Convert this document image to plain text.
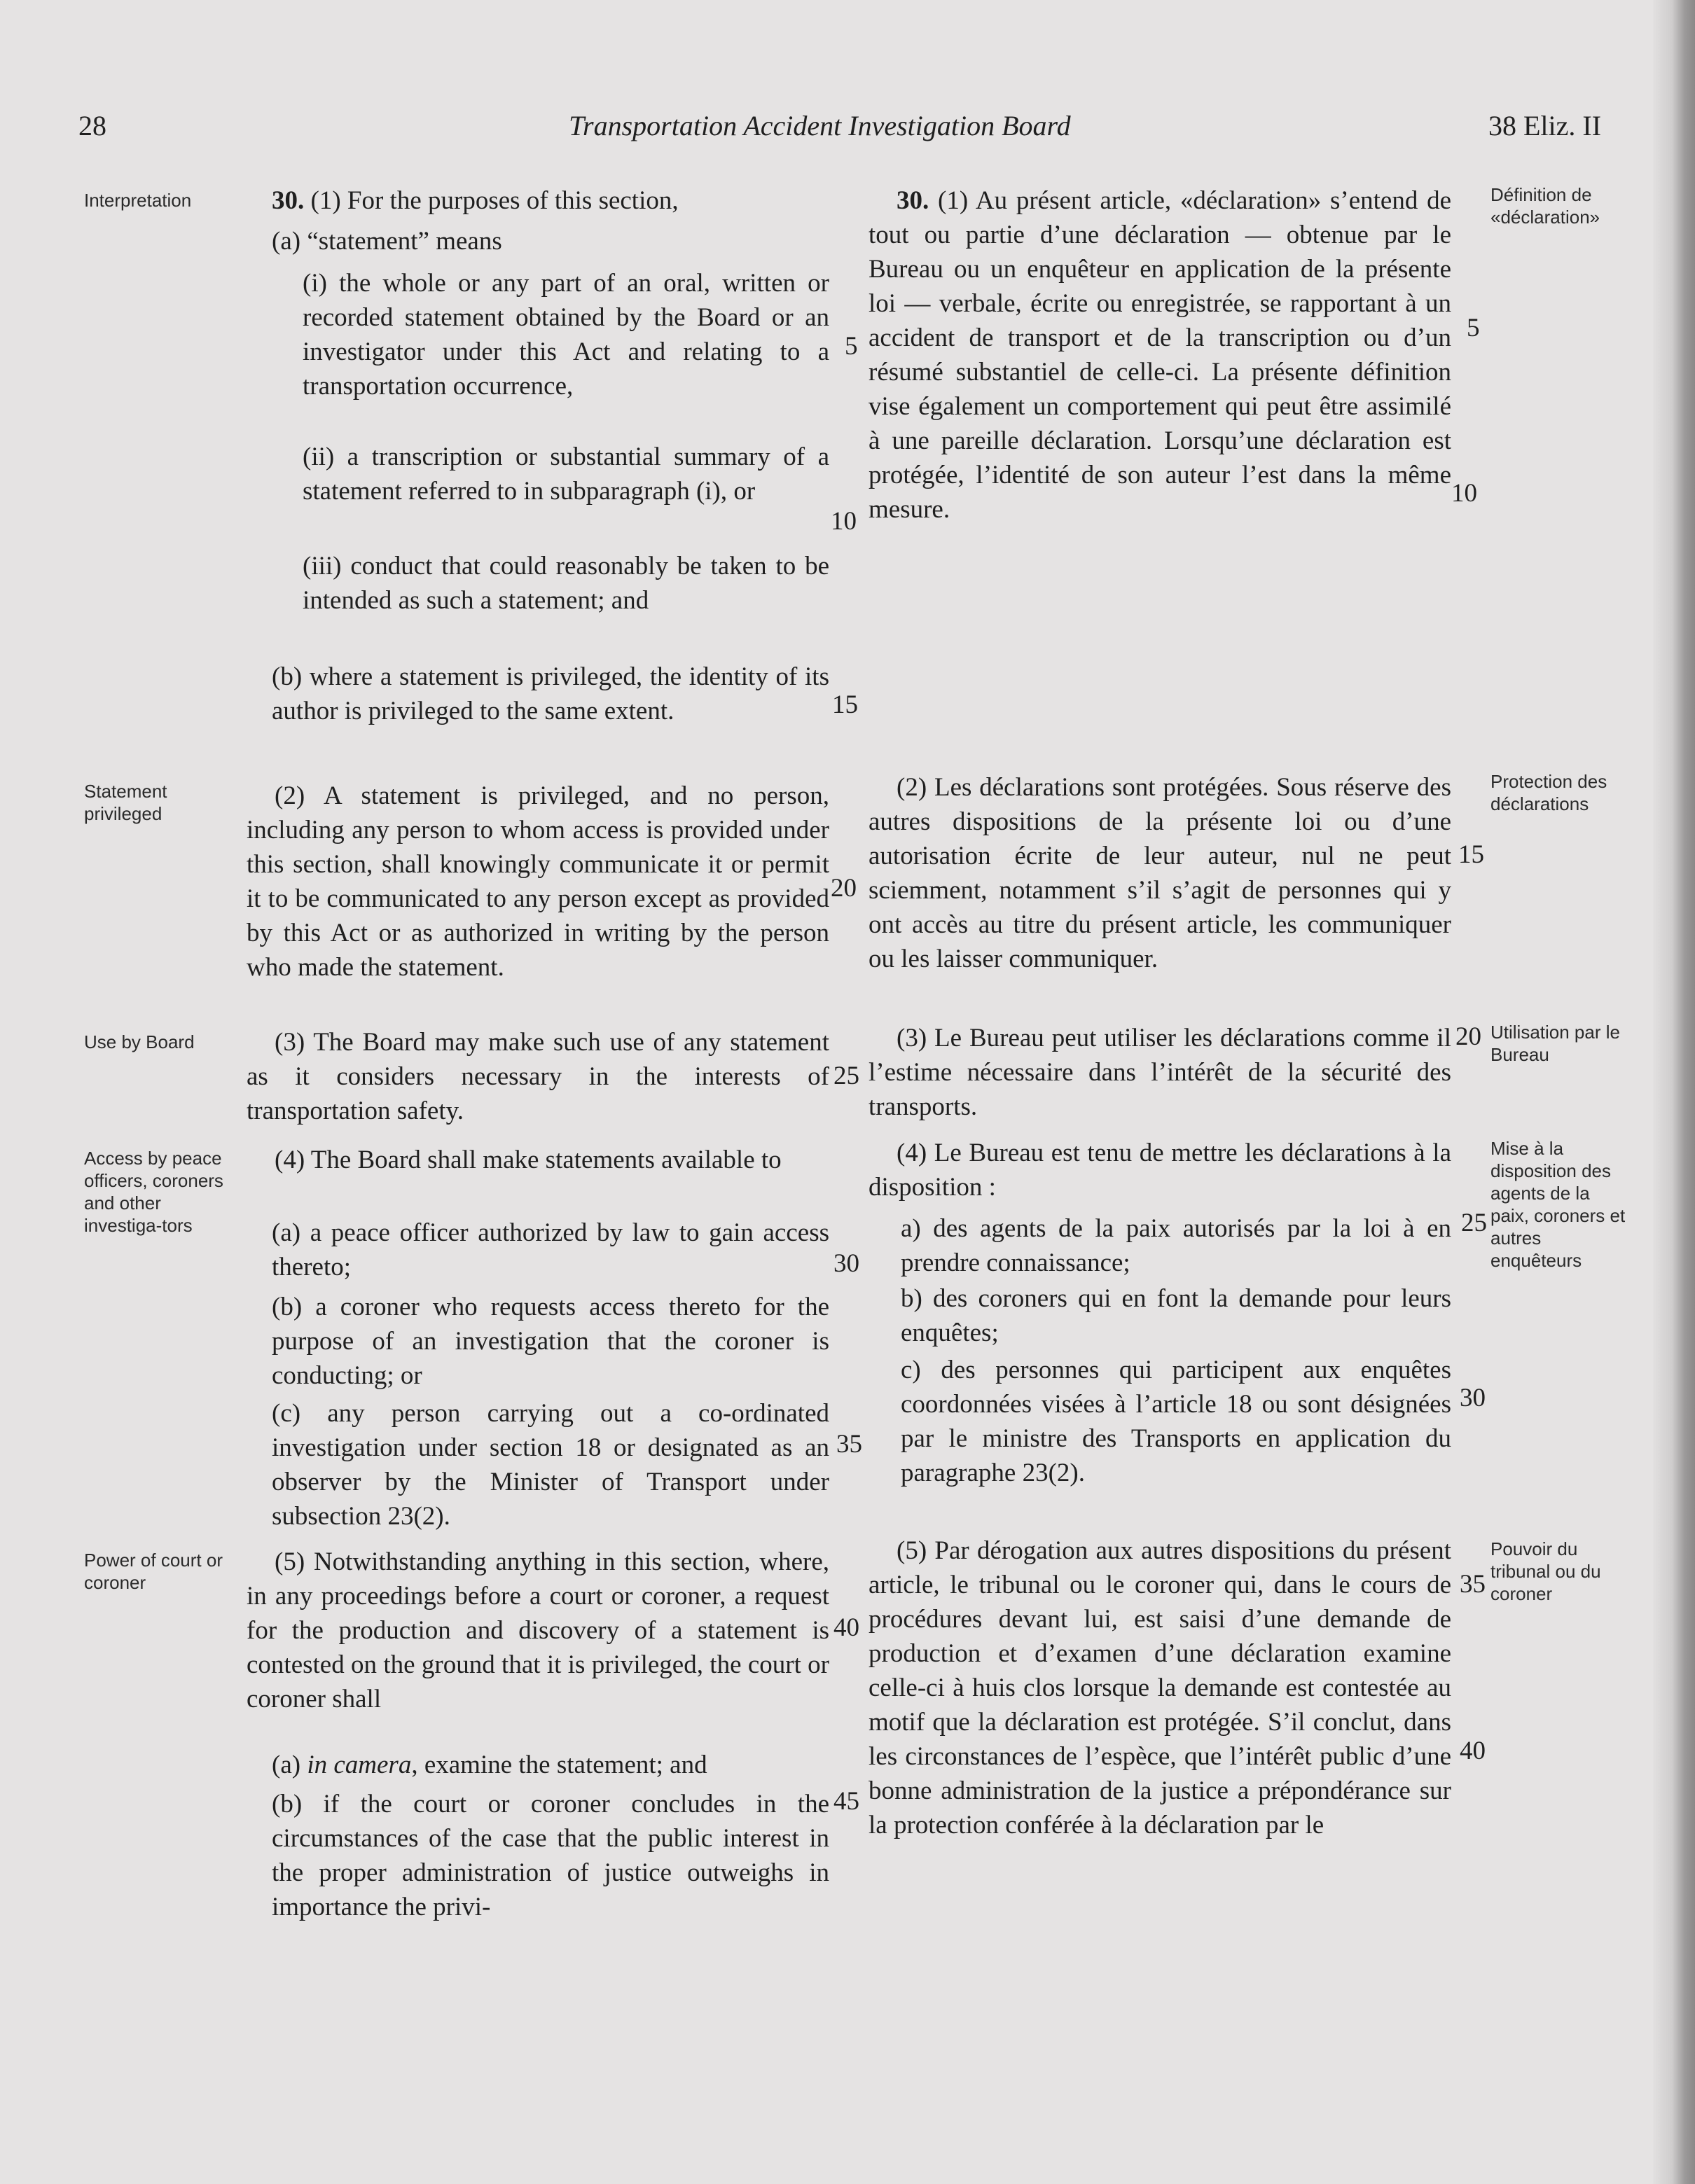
28	Transportation Accident Investigation Board	38 Eliz. II
Interpretation
Statement privileged
Use by Board
Access by peace officers, coroners and other investiga-tors
Power of court or coroner
Définition de «déclaration»
Protection des déclarations
Utilisation par le Bureau
Mise à la disposition des agents de la paix, coroners et autres enquêteurs
Pouvoir du tribunal ou du coroner

30. (1) For the purposes of this section,

(a) “statement” means

(i) the whole or any part of an oral, written or recorded statement obtained by the Board or an investigator under this Act and relating to a transportation occurrence,

(ii) a transcription or substantial summary of a statement referred to in subparagraph (i), or

(iii) conduct that could reasonably be taken to be intended as such a statement; and

(b) where a statement is privileged, the identity of its author is privileged to the same extent.

(2) A statement is privileged, and no person, including any person to whom access is provided under this section, shall knowingly communicate it or permit it to be communicated to any person except as provided by this Act or as authorized in writing by the person who made the statement.

(3) The Board may make such use of any statement as it considers necessary in the interests of transportation safety.

(4) The Board shall make statements available to

(a) a peace officer authorized by law to gain access thereto;

(b) a coroner who requests access thereto for the purpose of an investigation that the coroner is conducting; or

(c) any person carrying out a co-ordinated investigation under section 18 or designated as an observer by the Minister of Transport under subsection 23(2).

(5) Notwithstanding anything in this section, where, in any proceedings before a court or coroner, a request for the production and discovery of a statement is contested on the ground that it is privileged, the court or coroner shall

(a) in camera, examine the statement; and

(b) if the court or coroner concludes in the circumstances of the case that the public interest in the proper administration of justice outweighs in importance the privi-

5
10
15
20
25
30
35
40
45

30. (1) Au présent article, «déclaration» s’entend de tout ou partie d’une déclaration — obtenue par le Bureau ou un enquêteur en application de la présente loi — verbale, écrite ou enregistrée, se rapportant à un accident de transport et de la transcription ou d’un résumé substantiel de celle-ci. La présente définition vise également un comportement qui peut être assimilé à une pareille déclaration. Lorsqu’une déclaration est protégée, l’identité de son auteur l’est dans la même mesure.

(2) Les déclarations sont protégées. Sous réserve des autres dispositions de la présente loi ou d’une autorisation écrite de leur auteur, nul ne peut sciemment, notamment s’il s’agit de personnes qui y ont accès au titre du présent article, les communiquer ou les laisser communiquer.

(3) Le Bureau peut utiliser les déclarations comme il l’estime nécessaire dans l’intérêt de la sécurité des transports.

(4) Le Bureau est tenu de mettre les déclarations à la disposition :

a) des agents de la paix autorisés par la loi à en prendre connaissance;

b) des coroners qui en font la demande pour leurs enquêtes;

c) des personnes qui participent aux enquêtes coordonnées visées à l’article 18 ou sont désignées par le ministre des Transports en application du paragraphe 23(2).

(5) Par dérogation aux autres dispositions du présent article, le tribunal ou le coroner qui, dans le cours de procédures devant lui, est saisi d’une demande de production et d’examen d’une déclaration examine celle-ci à huis clos lorsque la demande est contestée au motif que la déclaration est protégée. S’il conclut, dans les circonstances de l’espèce, que l’intérêt public d’une bonne administration de la justice a prépondérance sur la protection conférée à la déclaration par le

5
10
15
20
25
30
35
40
